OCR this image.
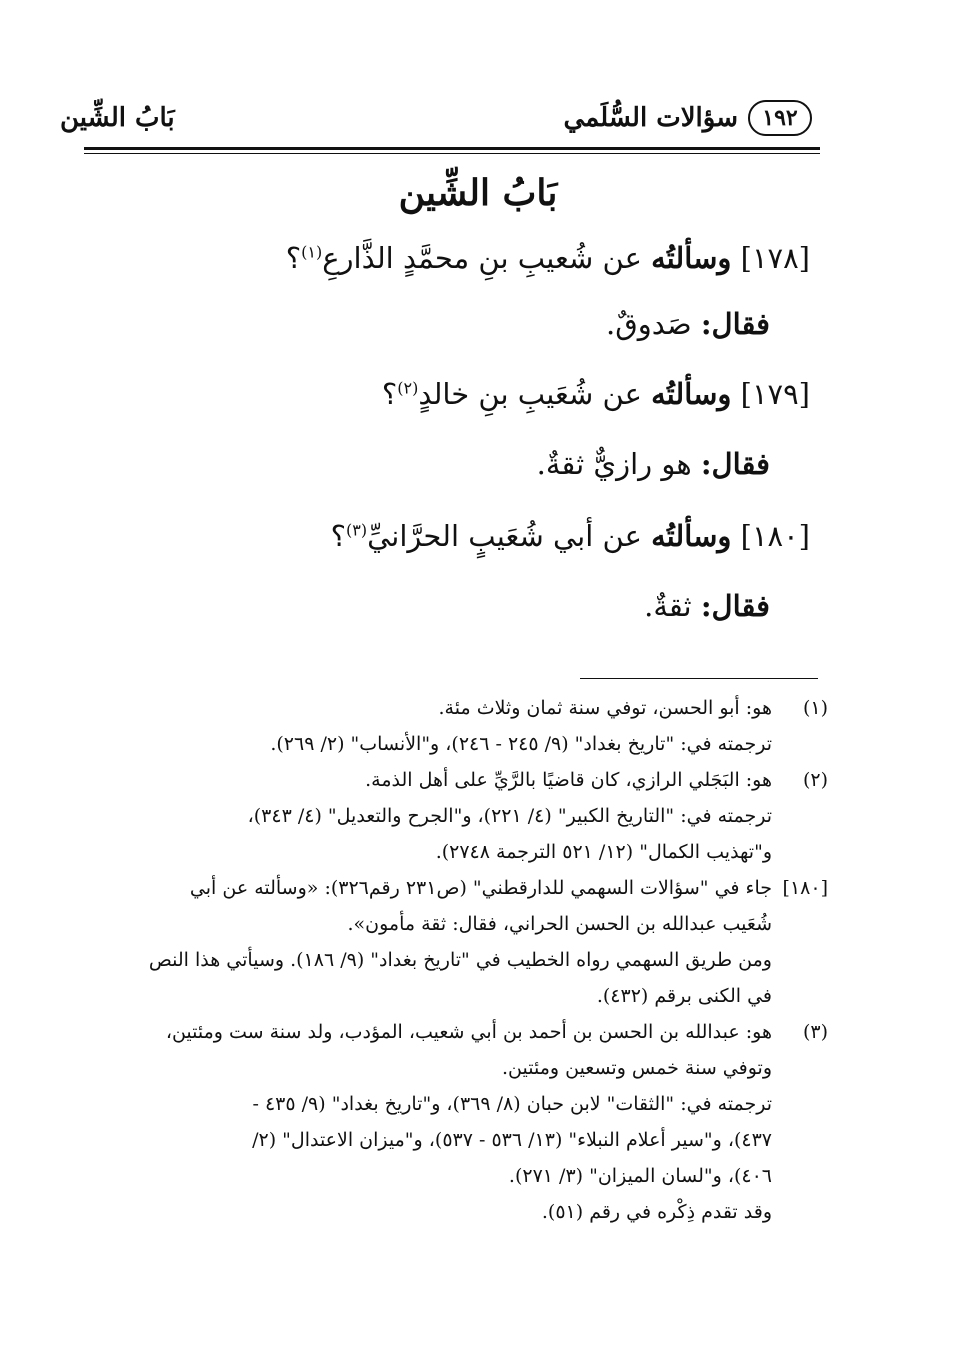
١٩٢
سؤالات السُّلَمي
بَابُ الشِّين
بَابُ الشِّين
[١٧٨] وسألتُه عن شُعيبِ بنِ محمَّدٍ الذَّارعِ$^{(١)}$؟
فقال: صَدوقٌ.
[١٧٩] وسألتُه عن شُعَيبِ بنِ خالدٍ$^{(٢)}$؟
فقال: هو رازيٌّ ثقةٌ.
[١٨٠] وسألتُه عن أبي شُعَيبٍ الحرَّانيِّ$^{(٣)}$؟
فقال: ثقةٌ.
(١)
هو: أبو الحسن، توفي سنة ثمان وثلاث مئة.
ترجمته في: "تاريخ بغداد" (٩/ ٢٤٥ - ٢٤٦)، و"الأنساب" (٢/ ٢٦٩).
(٢)
هو: البَجَلي الرازي، كان قاضيًا بالرَّيِّ على أهل الذمة.
ترجمته في: "التاريخ الكبير" (٤/ ٢٢١)، و"الجرح والتعديل" (٤/ ٣٤٣)،
و"تهذيب الكمال" (١٢/ ٥٢١ الترجمة ٢٧٤٨).
[١٨٠]
جاء في "سؤالات السهمي للدارقطني" (ص٢٣١ رقم٣٢٦): «وسألته عن أبي
شُعَيب عبدالله بن الحسن الحراني، فقال: ثقة مأمون».
ومن طريق السهمي رواه الخطيب في "تاريخ بغداد" (٩/ ١٨٦). وسيأتي هذا النص
في الكنى برقم (٤٣٢).
(٣)
هو: عبدالله بن الحسن بن أحمد بن أبي شعيب، المؤدب، ولد سنة ست ومئتين،
وتوفي سنة خمس وتسعين ومئتين.
ترجمته في: "الثقات" لابن حبان (٨/ ٣٦٩)، و"تاريخ بغداد" (٩/ ٤٣٥ -
٤٣٧)، و"سير أعلام النبلاء" (١٣/ ٥٣٦ - ٥٣٧)، و"ميزان الاعتدال" (٢/
٤٠٦)، و"لسان الميزان" (٣/ ٢٧١).
وقد تقدم ذِكْره في رقم (٥١).
